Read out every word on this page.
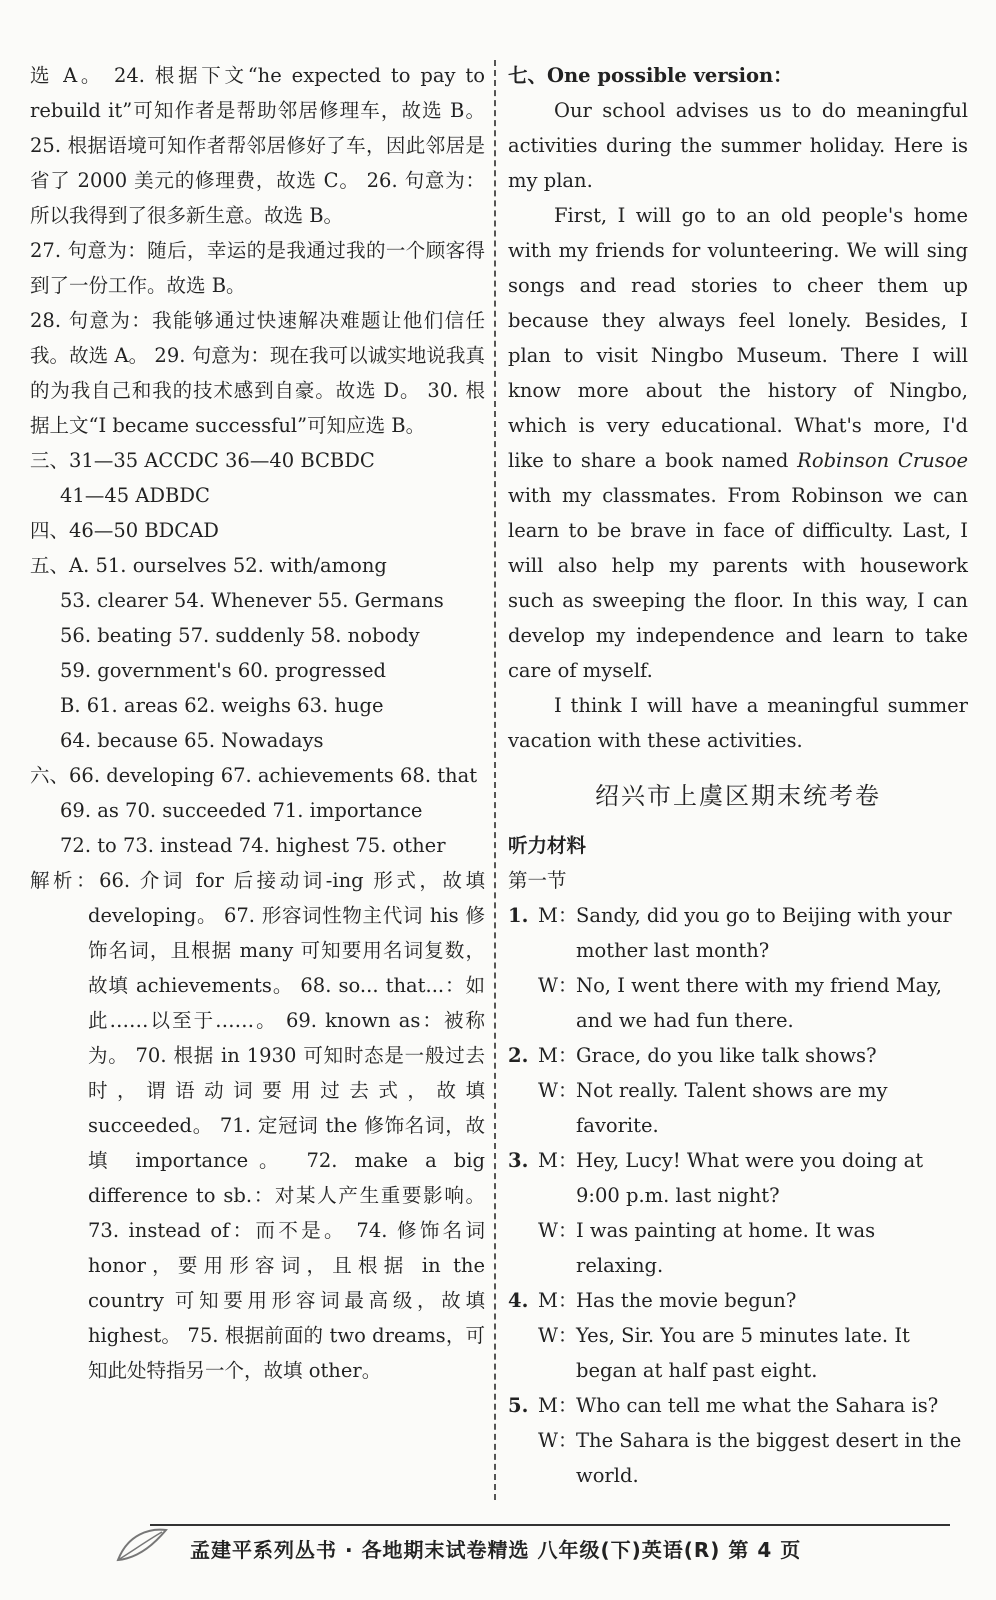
选 A。 24. 根据下文“he expected to pay to rebuild it”可知作者是帮助邻居修理车，故选 B。 25. 根据语境可知作者帮邻居修好了车，因此邻居是省了 2000 美元的修理费，故选 C。 26. 句意为：所以我得到了很多新生意。故选 B。

27. 句意为：随后，幸运的是我通过我的一个顾客得到了一份工作。故选 B。

28. 句意为：我能够通过快速解决难题让他们信任我。故选 A。 29. 句意为：现在我可以诚实地说我真的为我自己和我的技术感到自豪。故选 D。 30. 根据上文“I became successful”可知应选 B。

三、31—35 ACCDC 36—40 BCBDC

41—45 ADBDC

四、46—50 BDCAD

五、A. 51. ourselves 52. with/among

53. clearer 54. Whenever 55. Germans

56. beating 57. suddenly 58. nobody

59. government's 60. progressed

B. 61. areas 62. weighs 63. huge

64. because 65. Nowadays

六、66. developing 67. achievements 68. that

69. as 70. succeeded 71. importance

72. to 73. instead 74. highest 75. other

解析：66. 介词 for 后接动词-ing 形式，故填 developing。 67. 形容词性物主代词 his 修饰名词，且根据 many 可知要用名词复数，故填 achievements。 68. so... that...：如此……以至于……。 69. known as：被称为。 70. 根据 in 1930 可知时态是一般过去时，谓语动词要用过去式，故填 succeeded。 71. 定冠词 the 修饰名词，故填 importance。 72. make a big difference to sb.：对某人产生重要影响。 73. instead of：而不是。 74. 修饰名词 honor，要用形容词，且根据 in the country 可知要用形容词最高级，故填 highest。 75. 根据前面的 two dreams，可知此处特指另一个，故填 other。

七、One possible version：

Our school advises us to do meaningful activities during the summer holiday. Here is my plan.

First, I will go to an old people's home with my friends for volunteering. We will sing songs and read stories to cheer them up because they always feel lonely. Besides, I plan to visit Ningbo Museum. There I will know more about the history of Ningbo, which is very educational. What's more, I'd like to share a book named Robinson Crusoe with my classmates. From Robinson we can learn to be brave in face of difficulty. Last, I will also help my parents with housework such as sweeping the floor. In this way, I can develop my independence and learn to take care of myself.

I think I will have a meaningful summer vacation with these activities.

绍兴市上虞区期末统考卷

听力材料

第一节

1. M：
Sandy, did you go to Beijing with your mother last month?

W：
No, I went there with my friend May, and we had fun there.

2. M：
Grace, do you like talk shows?

W：
Not really. Talent shows are my favorite.

3. M：
Hey, Lucy! What were you doing at 9:00 p.m. last night?

W：
I was painting at home. It was relaxing.

4. M：
Has the movie begun?

W：
Yes, Sir. You are 5 minutes late. It began at half past eight.

5. M：
Who can tell me what the Sahara is?

W：
The Sahara is the biggest desert in the world.

孟建平系列丛书 · 各地期末试卷精选 八年级(下)英语(R) 第 4 页
